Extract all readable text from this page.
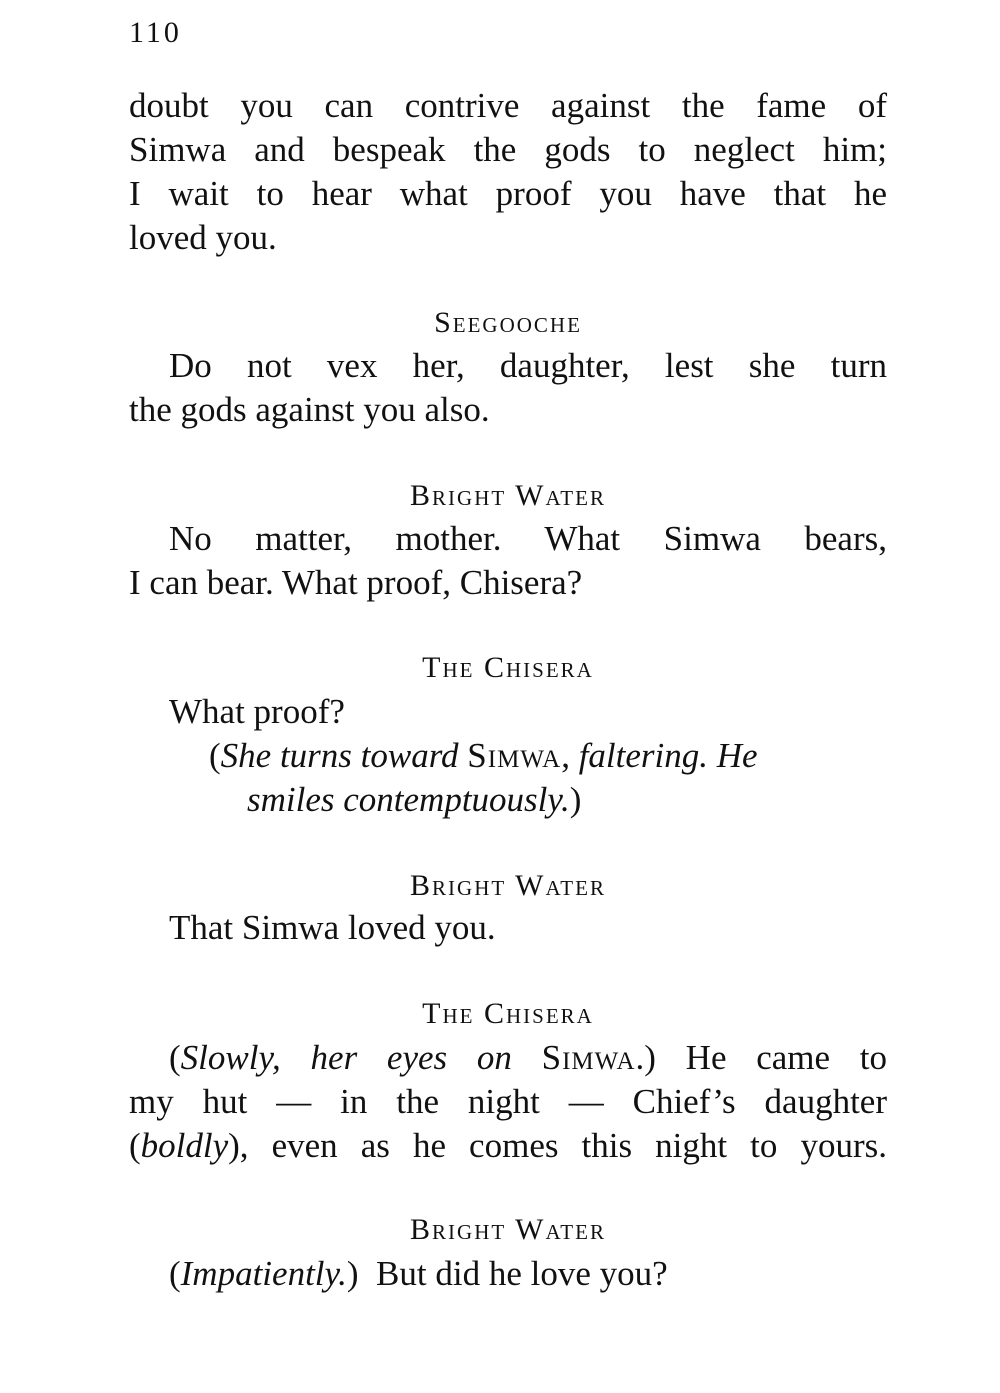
110
doubt you can contrive against the fame of
Simwa and bespeak the gods to neglect him;
I wait to hear what proof you have that he
loved you.
Seegooche
Do not vex her, daughter, lest she turn
the gods against you also.
Bright Water
No matter, mother. What Simwa bears,
I can bear. What proof, Chisera?
The Chisera
What proof?
(She turns toward Simwa, faltering. He
smiles contemptuously.)
Bright Water
That Simwa loved you.
The Chisera
(Slowly, her eyes on Simwa.) He came to
my hut — in the night — Chief’s daughter
(boldly), even as he comes this night to yours.
Bright Water
(Impatiently.)  But did he love you?
